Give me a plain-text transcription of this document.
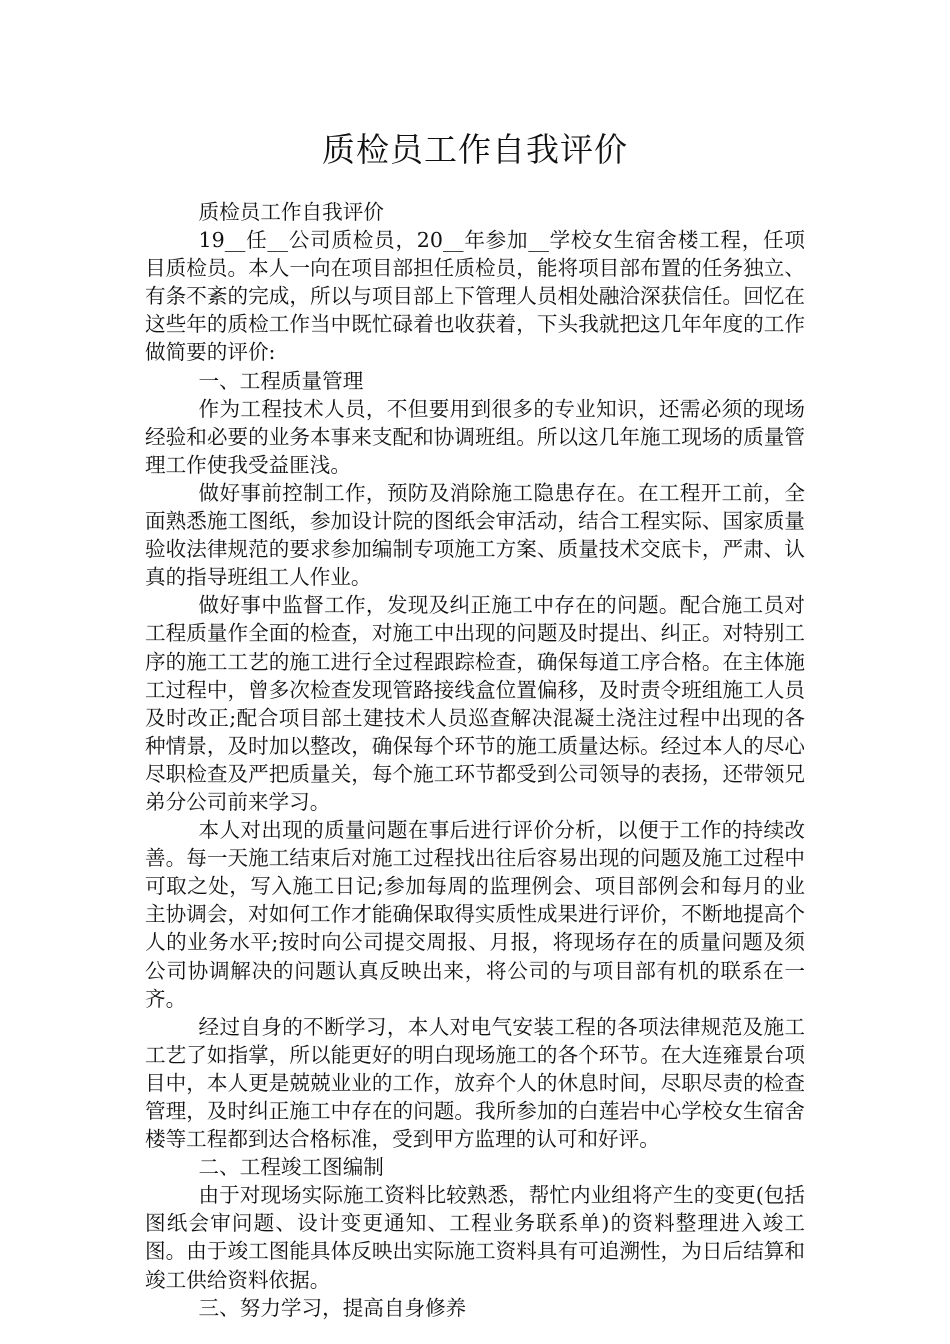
质检员工作自我评价

质检员工作自我评价

19__任__公司质检员，20__年参加__学校女生宿舍楼工程，任项目质检员。本人一向在项目部担任质检员，能将项目部布置的任务独立、有条不紊的完成，所以与项目部上下管理人员相处融洽深获信任。回忆在这些年的质检工作当中既忙碌着也收获着，下头我就把这几年年度的工作做简要的评价:

一、工程质量管理

作为工程技术人员，不但要用到很多的专业知识，还需必须的现场经验和必要的业务本事来支配和协调班组。所以这几年施工现场的质量管理工作使我受益匪浅。

做好事前控制工作，预防及消除施工隐患存在。在工程开工前，全面熟悉施工图纸，参加设计院的图纸会审活动，结合工程实际、国家质量验收法律规范的要求参加编制专项施工方案、质量技术交底卡，严肃、认真的指导班组工人作业。

做好事中监督工作，发现及纠正施工中存在的问题。配合施工员对工程质量作全面的检查，对施工中出现的问题及时提出、纠正。对特别工序的施工工艺的施工进行全过程跟踪检查，确保每道工序合格。在主体施工过程中，曾多次检查发现管路接线盒位置偏移，及时责令班组施工人员及时改正;配合项目部土建技术人员巡查解决混凝土浇注过程中出现的各种情景，及时加以整改，确保每个环节的施工质量达标。经过本人的尽心尽职检查及严把质量关，每个施工环节都受到公司领导的表扬，还带领兄弟分公司前来学习。

本人对出现的质量问题在事后进行评价分析，以便于工作的持续改善。每一天施工结束后对施工过程找出往后容易出现的问题及施工过程中可取之处，写入施工日记;参加每周的监理例会、项目部例会和每月的业主协调会，对如何工作才能确保取得实质性成果进行评价，不断地提高个人的业务水平;按时向公司提交周报、月报，将现场存在的质量问题及须公司协调解决的问题认真反映出来，将公司的与项目部有机的联系在一齐。

经过自身的不断学习，本人对电气安装工程的各项法律规范及施工工艺了如指掌，所以能更好的明白现场施工的各个环节。在大连雍景台项目中，本人更是兢兢业业的工作，放弃个人的休息时间，尽职尽责的检查管理，及时纠正施工中存在的问题。我所参加的白莲岩中心学校女生宿舍楼等工程都到达合格标准，受到甲方监理的认可和好评。

二、工程竣工图编制

由于对现场实际施工资料比较熟悉，帮忙内业组将产生的变更(包括图纸会审问题、设计变更通知、工程业务联系单)的资料整理进入竣工图。由于竣工图能具体反映出实际施工资料具有可追溯性，为日后结算和竣工供给资料依据。

三、努力学习，提高自身修养
